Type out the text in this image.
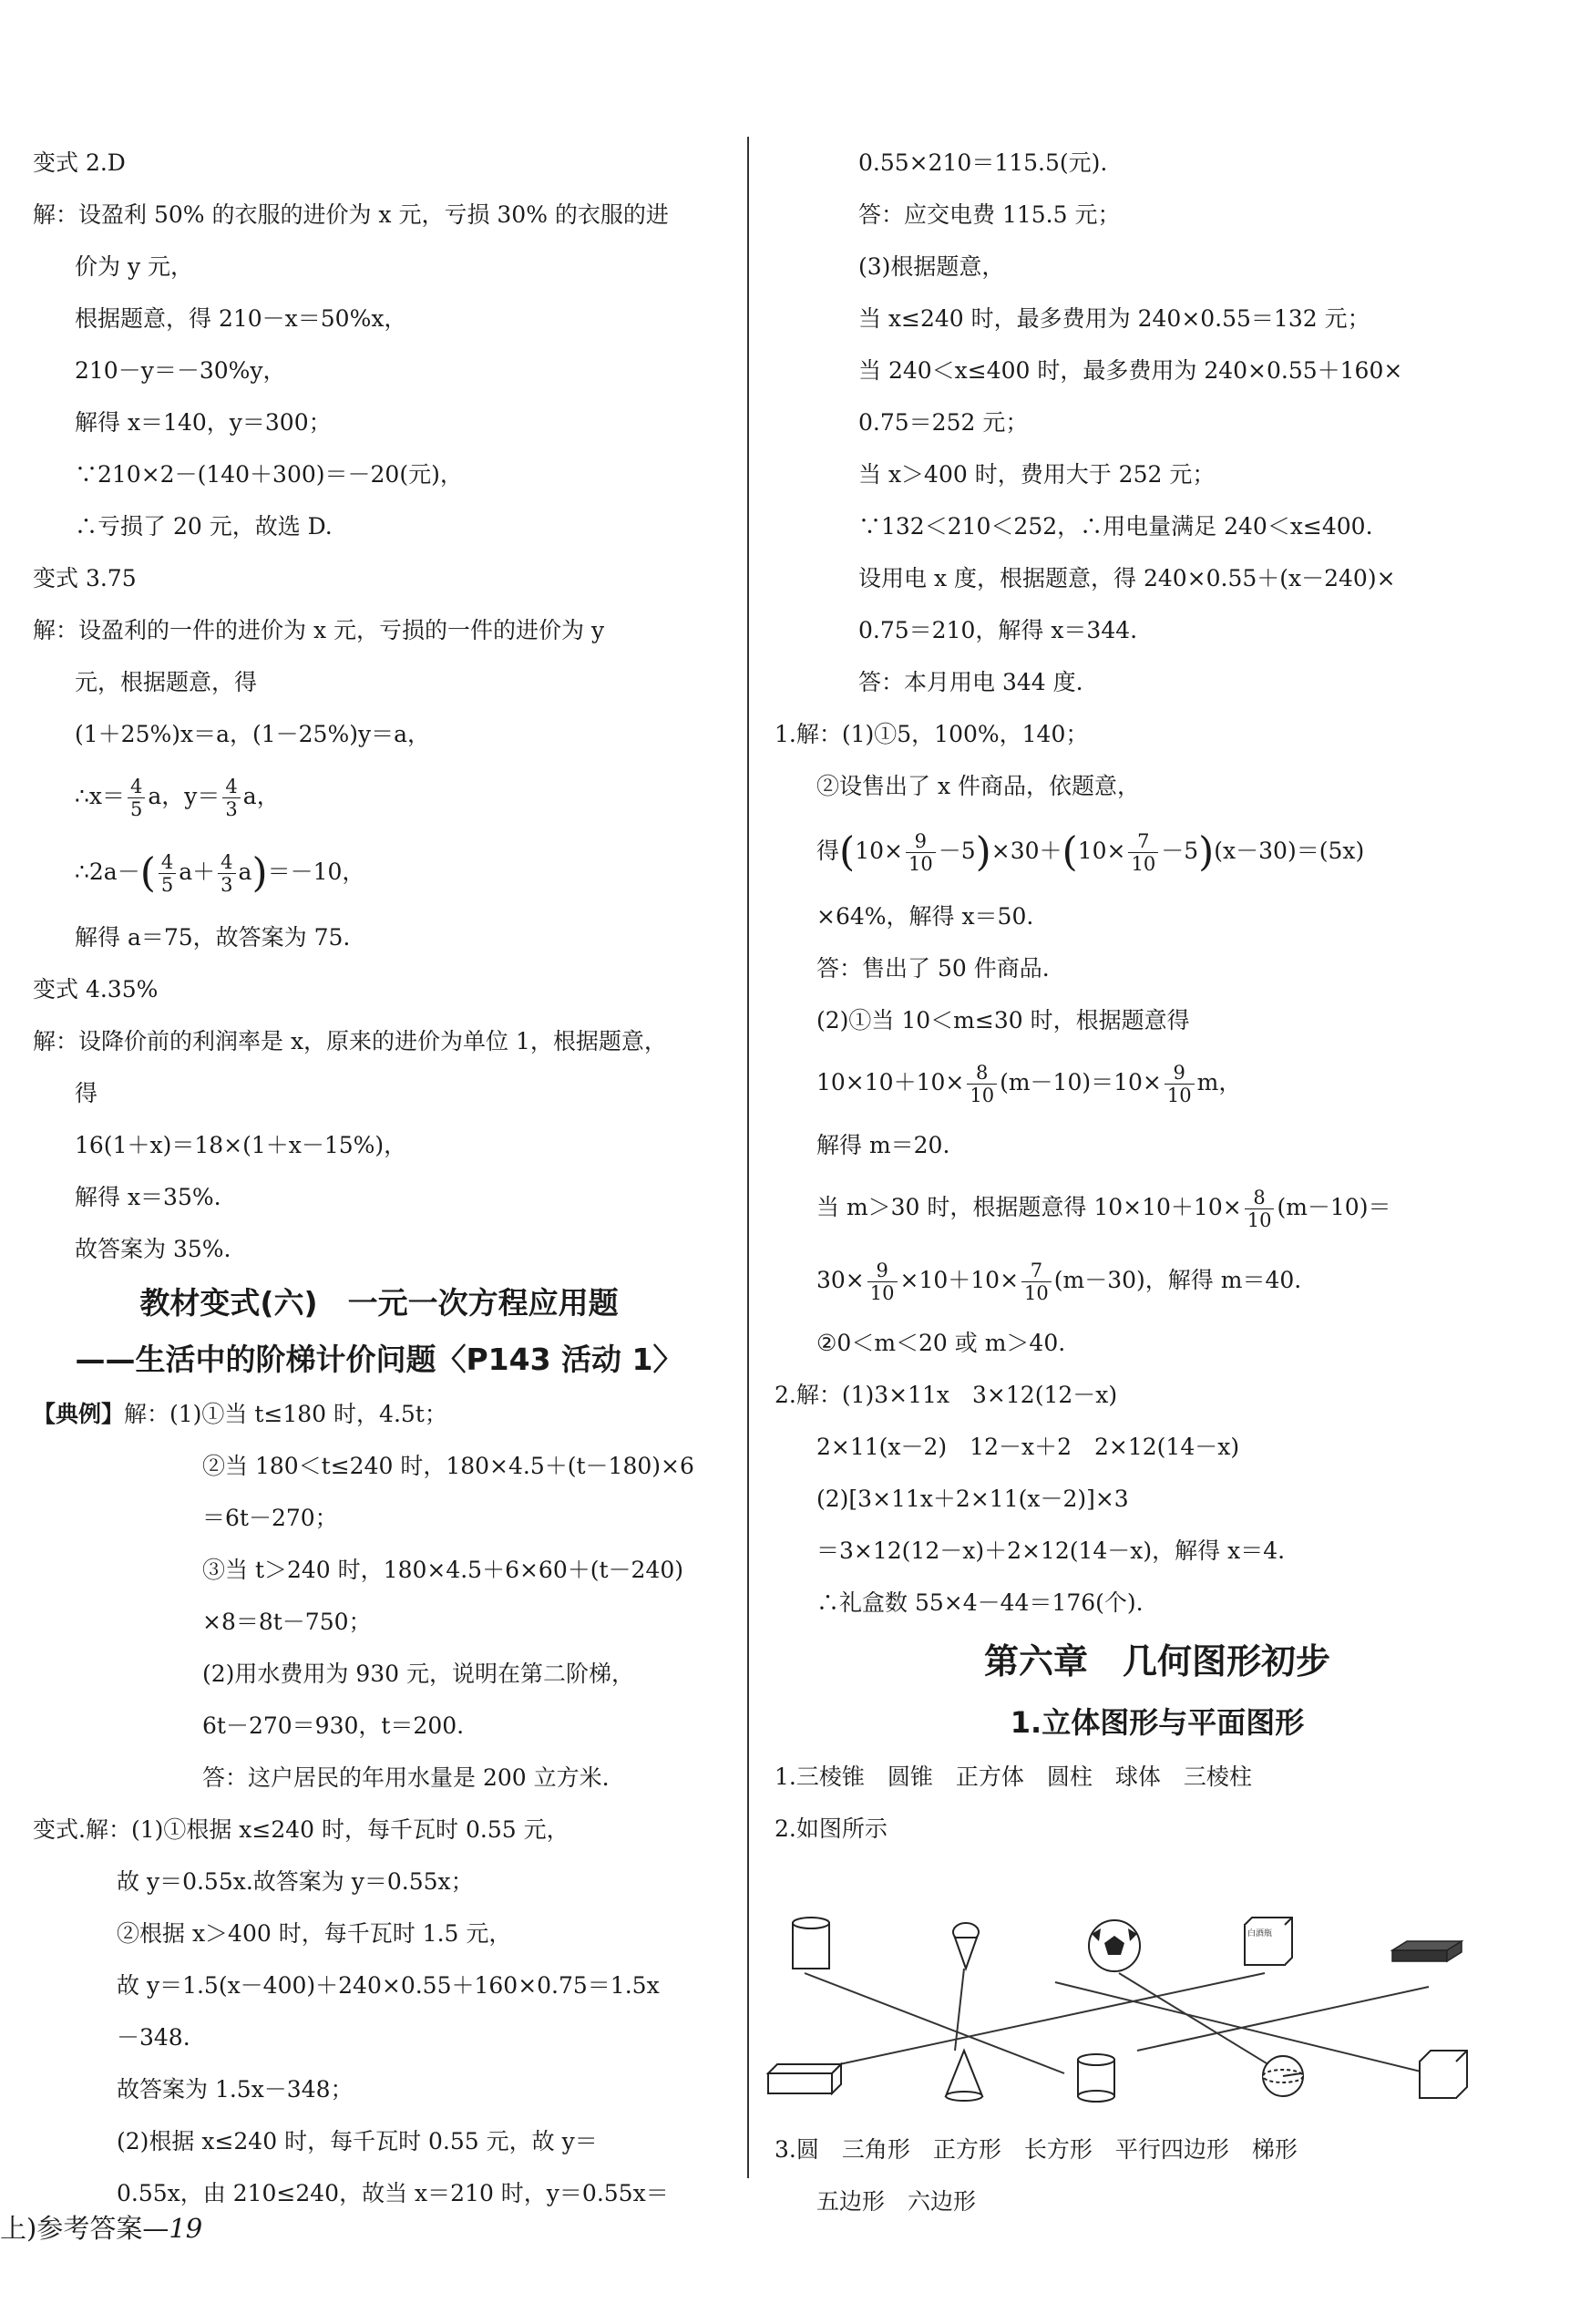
变式 2.D
解：设盈利 50% 的衣服的进价为 x 元，亏损 30% 的衣服的进
价为 y 元，
根据题意，得 210－x＝50%x，
210－y＝－30%y，
解得 x＝140，y＝300；
∵210×2－(140＋300)＝－20(元)，
∴亏损了 20 元，故选 D.
变式 3.75
解：设盈利的一件的进价为 x 元，亏损的一件的进价为 y
元，根据题意，得
(1＋25%)x＝a，(1－25%)y＝a，
∴x＝ $\frac{4}{5}$ a，$y= \frac{4}{3}$ a，
∴2a－( $\frac{4}{5} a+ \frac{4}{3} a)=-10$，
解得 a＝75，故答案为 75.
变式 4.35%
解：设降价前的利润率是 x，原来的进价为单位 1，根据题意，
得
16(1＋x)＝18×(1＋x－15%)，
解得 x＝35%.
故答案为 35%.
教材变式(六)　一元一次方程应用题
——生活中的阶梯计价问题〈P143 活动 1〉
【典例】解：(1)①当 t≤180 时，4.5t；
②当 180＜t≤240 时，180×4.5＋(t－180)×6
＝6t－270；
③当 t＞240 时，180×4.5＋6×60＋(t－240)
×8＝8t－750；
(2)用水费用为 930 元，说明在第二阶梯，
6t－270＝930，t＝200.
答：这户居民的年用水量是 200 立方米.
变式.解：(1)①根据 x≤240 时，每千瓦时 0.55 元，
故 y＝0.55x.故答案为 y＝0.55x；
②根据 x＞400 时，每千瓦时 1.5 元，
故 y＝1.5(x－400)＋240×0.55＋160×0.75＝1.5x
－348.
故答案为 1.5x－348；
(2)根据 x≤240 时，每千瓦时 0.55 元，故 y＝
0.55x，由 210≤240，故当 x＝210 时，y＝0.55x＝
0.55×210＝115.5(元).
答：应交电费 115.5 元；
(3)根据题意，
当 x≤240 时，最多费用为 240×0.55＝132 元；
当 240＜x≤400 时，最多费用为 240×0.55＋160×
0.75＝252 元；
当 x＞400 时，费用大于 252 元；
∵132＜210＜252，∴用电量满足 240＜x≤400.
设用电 x 度，根据题意，得 240×0.55＋(x－240)×
0.75＝210，解得 x＝344.
答：本月用电 344 度.
1.解：(1)①5，100%，140；
②设售出了 x 件商品，依题意，
得$(10\times \frac{9}{10} -5)\times 30+(10\times \frac{7}{10} -5)(x-30)=(5x)$
×64%，解得 x＝50.
答：售出了 50 件商品.
(2)①当 10＜m≤30 时，根据题意得
$10\times 10+10\times \frac{8}{10} (m-10)=10\times \frac{9}{10}$ m，
解得 m＝20.
当 m＞30 时，根据题意得 $10\times 10+10\times \frac{8}{10} (m-10)=$
$30\times \frac{9}{10} \times 10+10\times \frac{7}{10} (m-30)$，解得 m＝40.
②0＜m＜20 或 m＞40.
2.解：(1)3×11x　3×12(12－x)
2×11(x－2)　12－x＋2　2×12(14－x)
(2)[3×11x＋2×11(x－2)]×3
＝3×12(12－x)＋2×12(14－x)，解得 x＝4.
∴礼盒数 55×4－44＝176(个).
第六章　几何图形初步
1.立体图形与平面图形
1.三棱锥　圆锥　正方体　圆柱　球体　三棱柱
2.如图所示
白酒瓶
3.圆　三角形　正方形　长方形　平行四边形　梯形
五边形　六边形
上)参考答案—19
